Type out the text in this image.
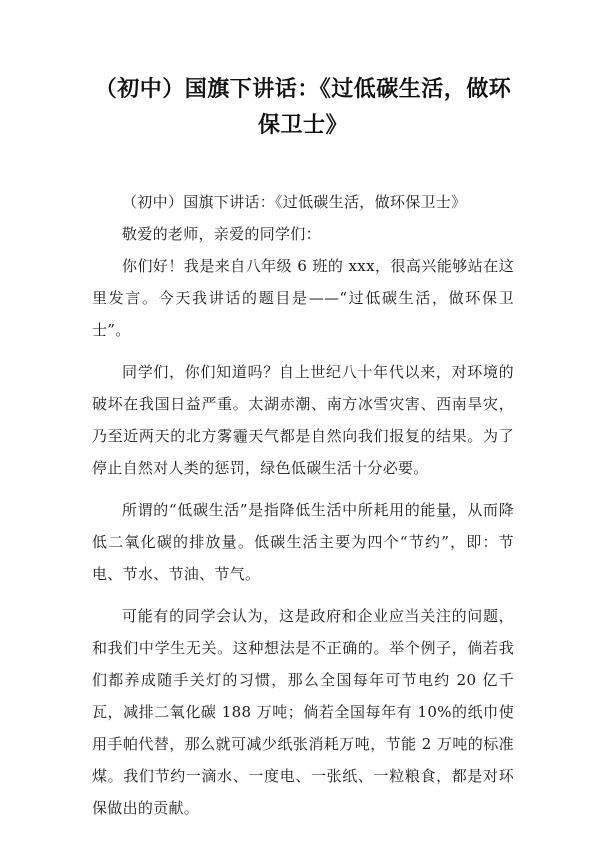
（初中）国旗下讲话：《过低碳生活，做环保卫士》

（初中）国旗下讲话：《过低碳生活，做环保卫士》

敬爱的老师，亲爱的同学们：

你们好！我是来自八年级 6 班的 xxx，很高兴能够站在这里发言。今天我讲话的题目是——“过低碳生活，做环保卫士”。

同学们，你们知道吗？自上世纪八十年代以来，对环境的破坏在我国日益严重。太湖赤潮、南方冰雪灾害、西南旱灾，乃至近两天的北方雾霾天气都是自然向我们报复的结果。为了停止自然对人类的惩罚，绿色低碳生活十分必要。

所谓的“低碳生活”是指降低生活中所耗用的能量，从而降低二氧化碳的排放量。低碳生活主要为四个“节约”，即：节电、节水、节油、节气。

可能有的同学会认为，这是政府和企业应当关注的问题，和我们中学生无关。这种想法是不正确的。举个例子，倘若我们都养成随手关灯的习惯，那么全国每年可节电约 20 亿千瓦，减排二氧化碳 188 万吨；倘若全国每年有 10%的纸巾使用手帕代替，那么就可减少纸张消耗万吨，节能 2 万吨的标准煤。我们节约一滴水、一度电、一张纸、一粒粮食，都是对环保做出的贡献。
